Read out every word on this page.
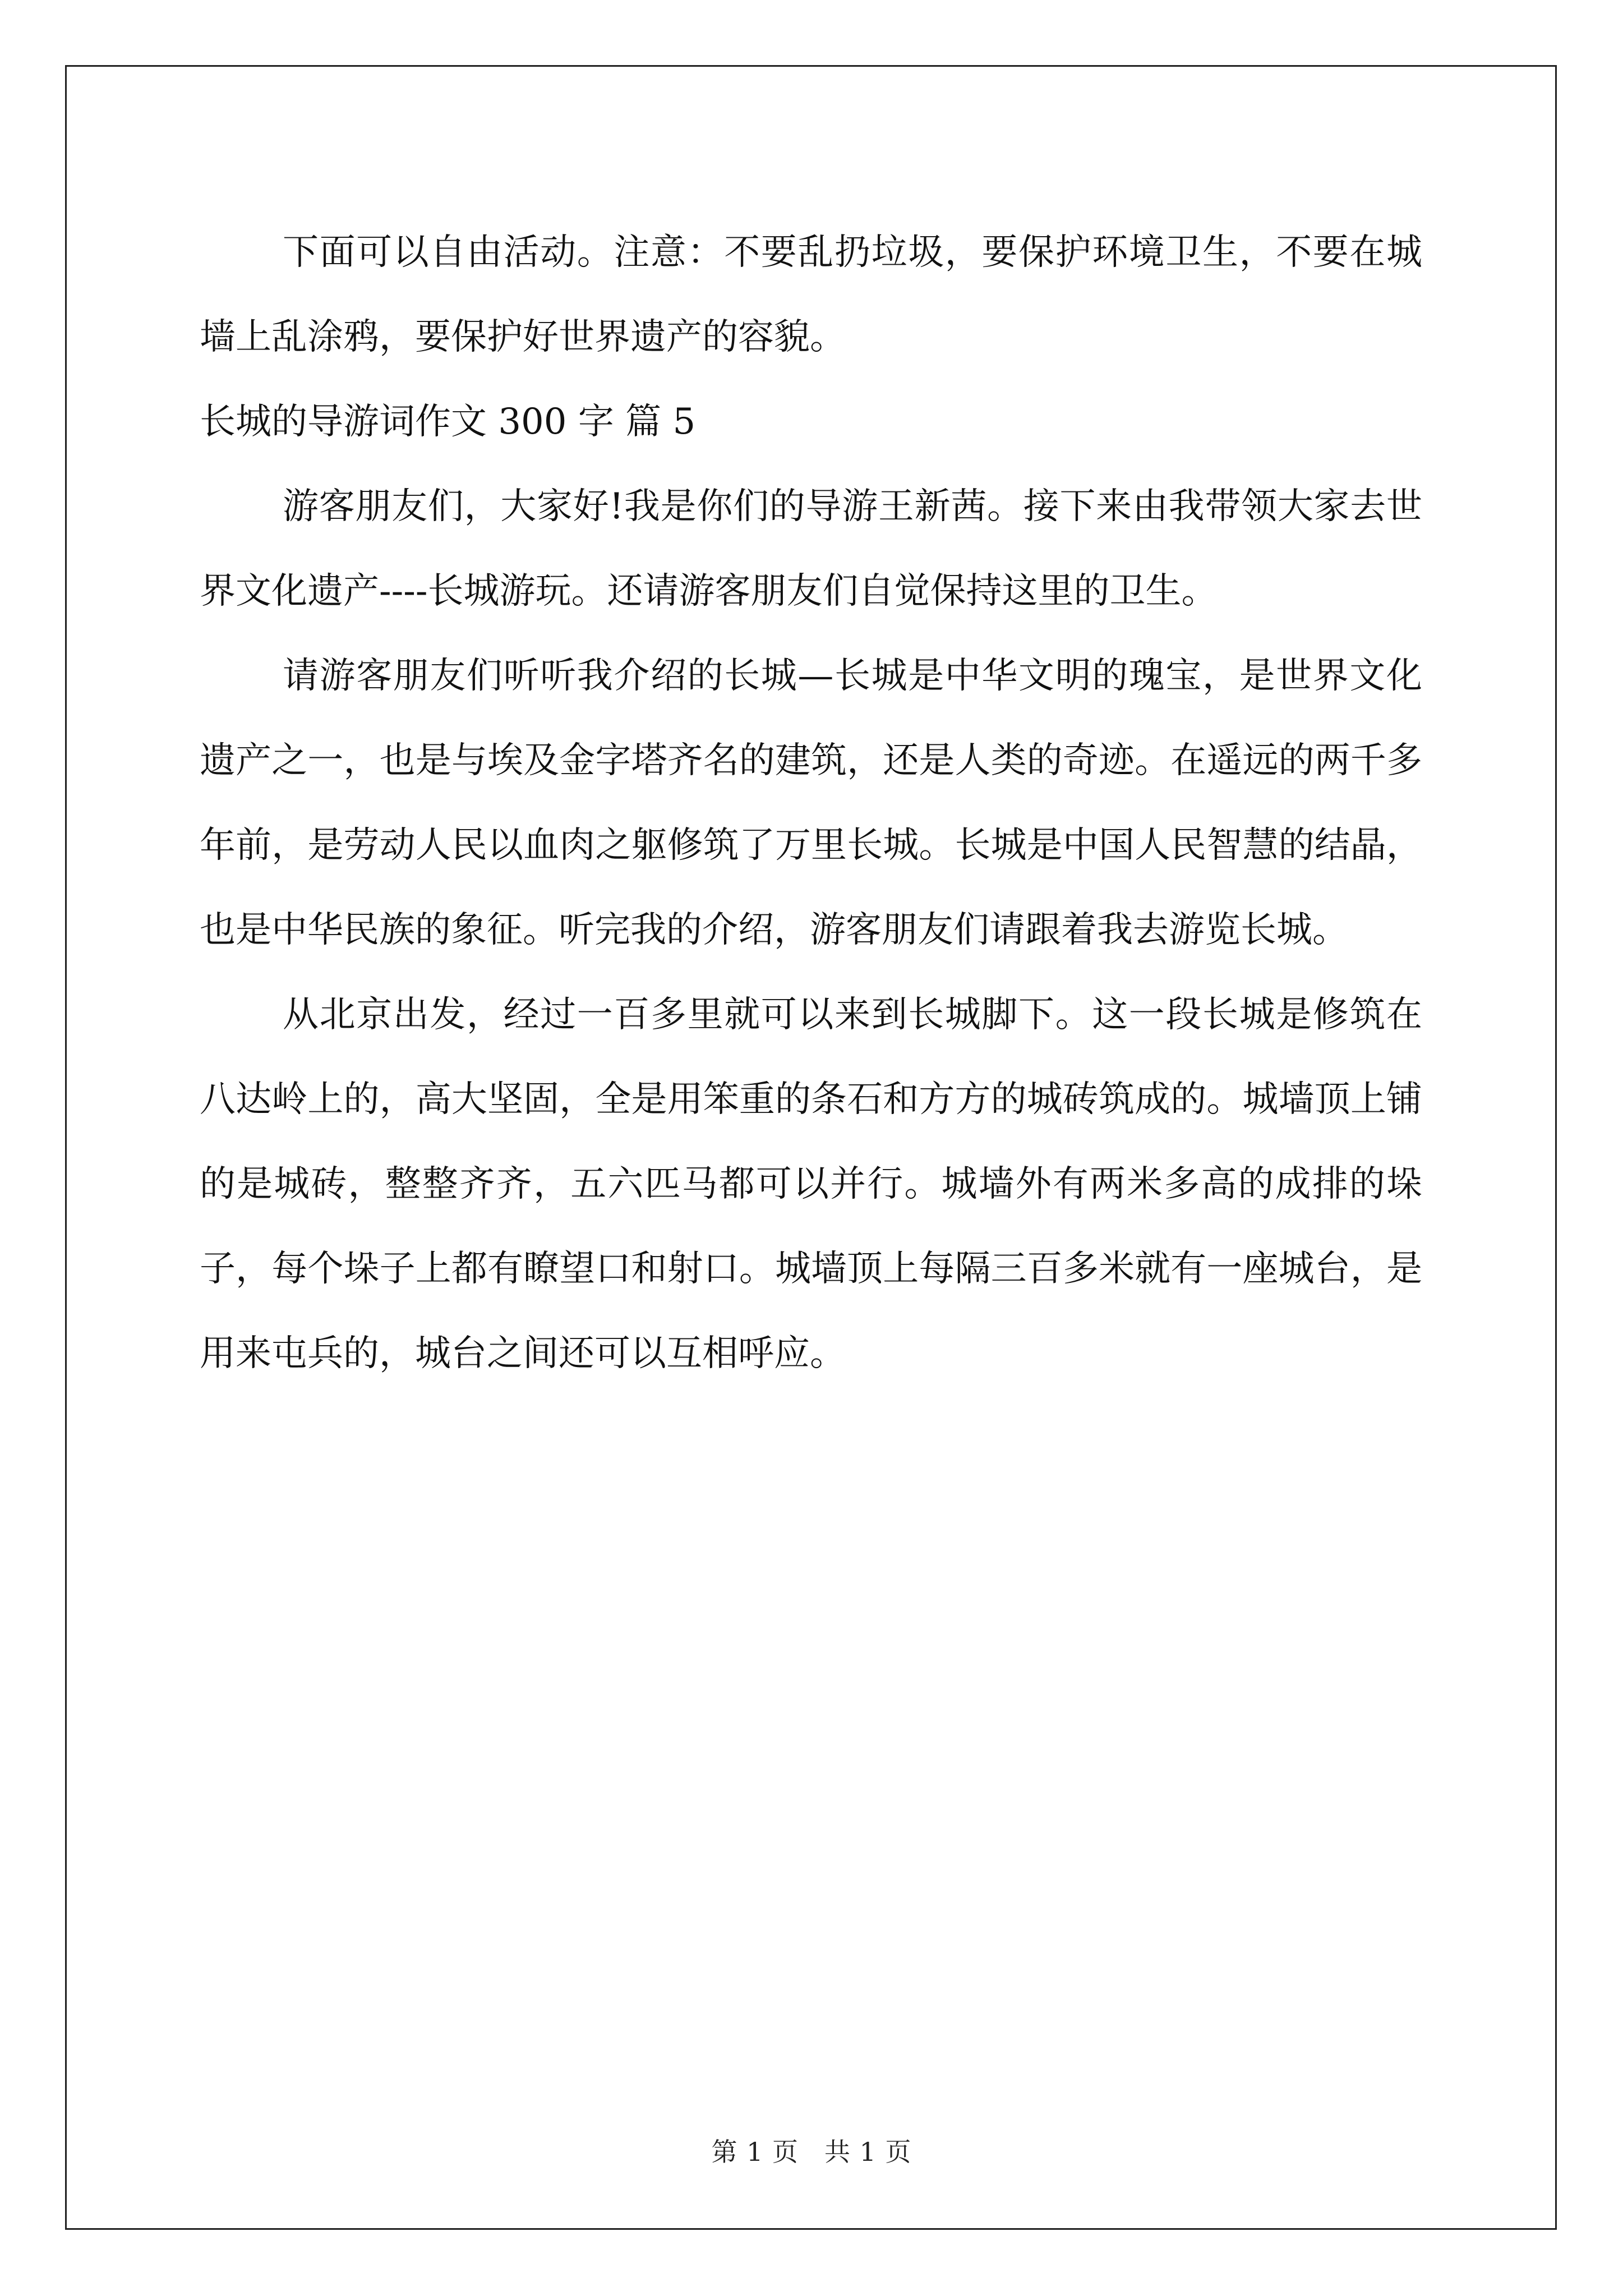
下面可以自由活动。注意：不要乱扔垃圾，要保护环境卫生，不要在城墙上乱涂鸦，要保护好世界遗产的容貌。

长城的导游词作文 300 字 篇 5

游客朋友们，大家好!我是你们的导游王新茜。接下来由我带领大家去世界文化遗产----长城游玩。还请游客朋友们自觉保持这里的卫生。

请游客朋友们听听我介绍的长城—长城是中华文明的瑰宝，是世界文化遗产之一，也是与埃及金字塔齐名的建筑，还是人类的奇迹。在遥远的两千多年前，是劳动人民以血肉之躯修筑了万里长城。长城是中国人民智慧的结晶，也是中华民族的象征。听完我的介绍，游客朋友们请跟着我去游览长城。

从北京出发，经过一百多里就可以来到长城脚下。这一段长城是修筑在八达岭上的，高大坚固，全是用笨重的条石和方方的城砖筑成的。城墙顶上铺的是城砖，整整齐齐，五六匹马都可以并行。城墙外有两米多高的成排的垛子，每个垛子上都有瞭望口和射口。城墙顶上每隔三百多米就有一座城台，是用来屯兵的，城台之间还可以互相呼应。

第 1 页 共 1 页
